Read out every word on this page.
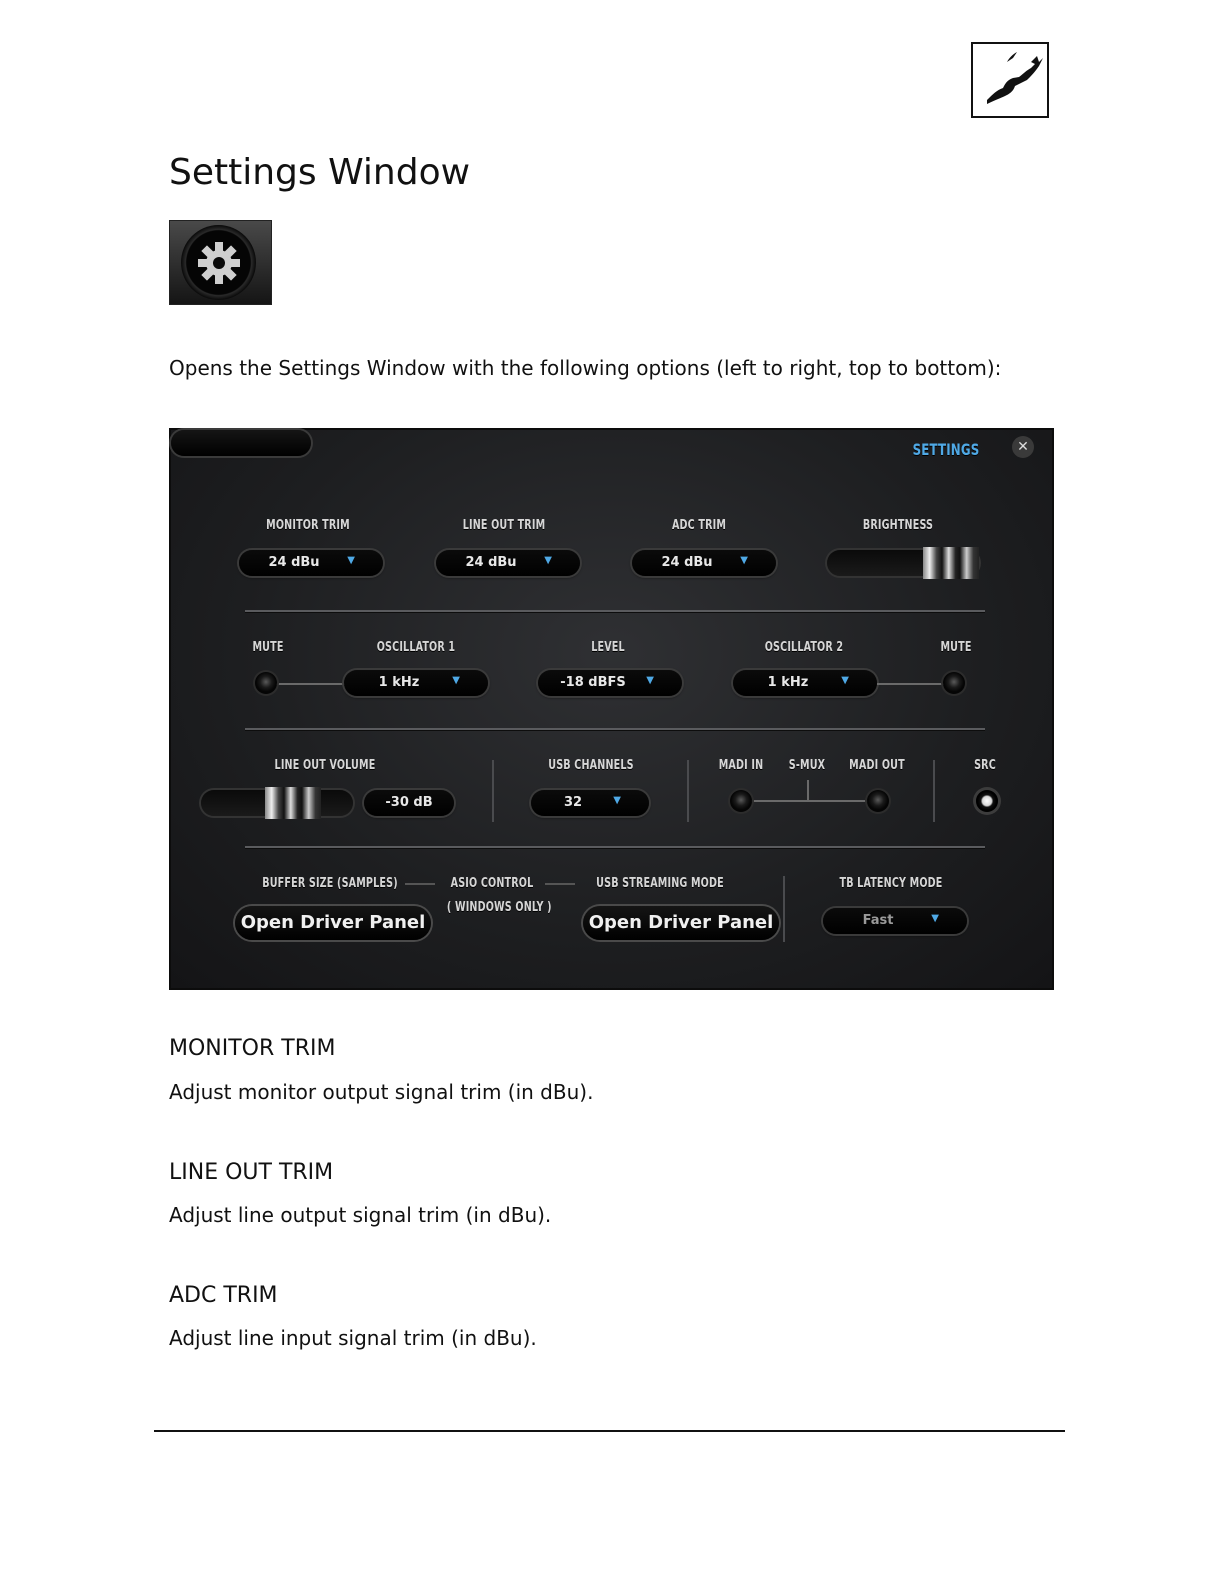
Settings Window

Opens the Settings Window with the following options (left to right, top to bottom):

SETTINGS	✕
MONITOR TRIM
24 dBu	▼
LINE OUT TRIM
24 dBu	▼
ADC TRIM
24 dBu	▼
BRIGHTNESS
MUTE	OSCILLATOR 1	LEVEL	OSCILLATOR 2	MUTE
1 kHz	▼	-18 dBFS	▼	1 kHz	▼
LINE OUT VOLUME
-30 dB
USB CHANNELS
32	▼
MADI IN	S-MUX	MADI OUT	SRC
BUFFER SIZE (SAMPLES)	ASIO CONTROL
( WINDOWS ONLY )
USB STREAMING MODE
Open Driver Panel	Open Driver Panel
TB LATENCY MODE
Fast	▼
MONITOR TRIM

Adjust monitor output signal trim (in dBu).

LINE OUT TRIM

Adjust line output signal trim (in dBu).

ADC TRIM

Adjust line input signal trim (in dBu).
